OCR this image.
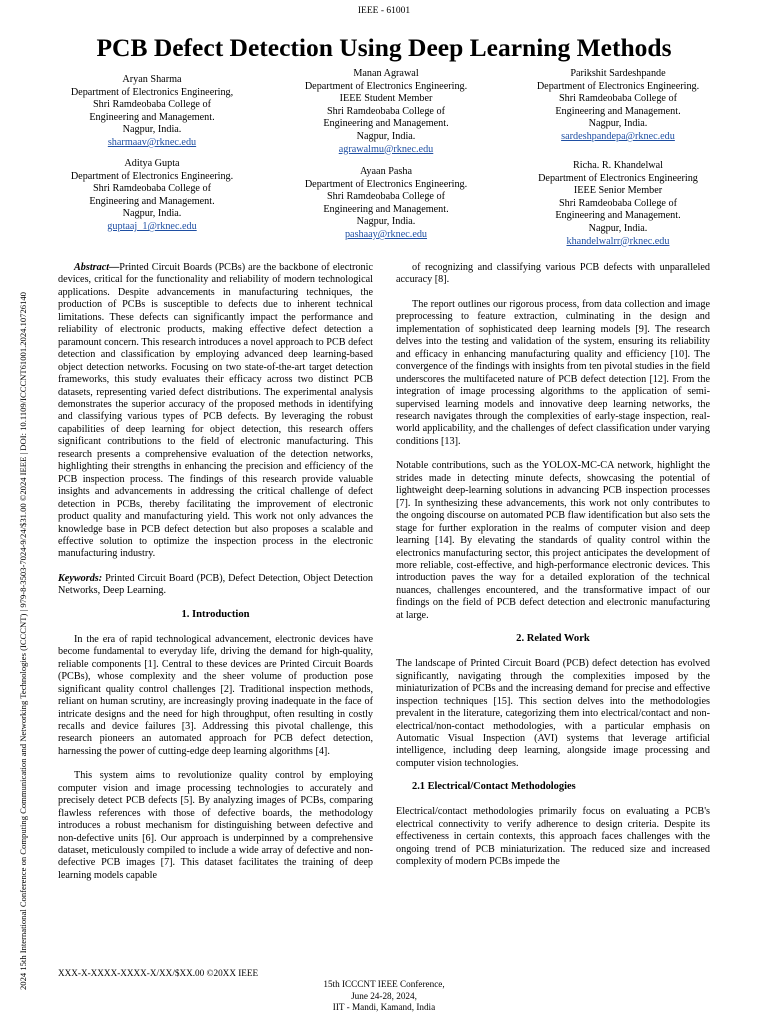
IEEE - 61001
PCB Defect Detection Using Deep Learning Methods
2024 15th International Conference on Computing Communication and Networking Technologies (ICCCNT) | 979-8-3503-7024-9/24/$31.00 ©2024 IEEE | DOI: 10.1109/ICCCNT61001.2024.10726140
Aryan Sharma
Department of Electronics Engineering,
Shri Ramdeobaba College of
Engineering and Management.
Nagpur, India.
sharmaav@rknec.edu
Manan Agrawal
Department of Electronics Engineering.
IEEE Student Member
Shri Ramdeobaba College of
Engineering and Management.
Nagpur, India.
agrawalmu@rknec.edu
Parikshit Sardeshpande
Department of Electronics Engineering.
Shri Ramdeobaba College of
Engineering and Management.
Nagpur, India.
sardeshpandepa@rknec.edu
Aditya Gupta
Department of Electronics Engineering.
Shri Ramdeobaba College of
Engineering and Management.
Nagpur, India.
guptaaj_1@rknec.edu
Ayaan Pasha
Department of Electronics Engineering.
Shri Ramdeobaba College of
Engineering and Management.
Nagpur, India.
pashaay@rknec.edu
Richa. R. Khandelwal
Department of Electronics Engineering
IEEE Senior Member
Shri Ramdeobaba College of
Engineering and Management.
Nagpur, India.
khandelwalrr@rknec.edu

Abstract—Printed Circuit Boards (PCBs) are the backbone of electronic devices, critical for the functionality and reliability of modern technological applications. Despite advancements in manufacturing techniques, the production of PCBs is susceptible to defects due to inherent technical limitations. These defects can significantly impact the performance and reliability of electronic products, making effective defect detection a paramount concern. This research introduces a novel approach to PCB defect detection and classification by employing advanced deep learning-based object detection networks. Focusing on two state-of-the-art target detection frameworks, this study evaluates their efficacy across two distinct PCB datasets, representing varied defect distributions. The experimental analysis demonstrates the superior accuracy of the proposed methods in identifying and classifying various types of PCB defects. By leveraging the robust capabilities of deep learning for object detection, this research offers significant contributions to the field of electronic manufacturing. This research presents a comprehensive evaluation of the detection networks, highlighting their strengths in enhancing the precision and efficiency of the PCB inspection process. The findings of this research provide valuable insights and advancements in addressing the critical challenge of defect detection in PCBs, thereby facilitating the improvement of electronic product quality and manufacturing yield. This work not only advances the knowledge base in PCB defect detection but also proposes a scalable and effective solution to optimize the inspection process in the electronic manufacturing industry.

Keywords: Printed Circuit Board (PCB), Defect Detection, Object Detection Networks, Deep Learning.

1. Introduction

In the era of rapid technological advancement, electronic devices have become fundamental to everyday life, driving the demand for high-quality, reliable components [1]. Central to these devices are Printed Circuit Boards (PCBs), whose complexity and the sheer volume of production pose significant quality control challenges [2]. Traditional inspection methods, reliant on human scrutiny, are increasingly proving inadequate in the face of intricate designs and the need for high throughput, often resulting in costly recalls and device failures [3]. Addressing this pivotal challenge, this research pioneers an automated approach for PCB defect detection, harnessing the power of cutting-edge deep learning algorithms [4].

This system aims to revolutionize quality control by employing computer vision and image processing technologies to accurately and precisely detect PCB defects [5]. By analyzing images of PCBs, comparing flawless references with those of defective boards, the methodology introduces a robust mechanism for distinguishing between defective and non-defective units [6]. Our approach is underpinned by a comprehensive dataset, meticulously compiled to include a wide array of defective and non-defective PCB images [7]. This dataset facilitates the training of deep learning models capable

of recognizing and classifying various PCB defects with unparalleled accuracy [8].

The report outlines our rigorous process, from data collection and image preprocessing to feature extraction, culminating in the design and implementation of sophisticated deep learning models [9]. The research delves into the testing and validation of the system, ensuring its reliability and efficacy in enhancing manufacturing quality and efficiency [10]. The convergence of the findings with insights from ten pivotal studies in the field underscores the multifaceted nature of PCB defect detection [12]. From the integration of image processing algorithms to the application of semi-supervised learning models and innovative deep learning networks, the research navigates through the complexities of early-stage inspection, real-world applicability, and the challenges of defect classification under varying conditions [13].

Notable contributions, such as the YOLOX-MC-CA network, highlight the strides made in detecting minute defects, showcasing the potential of lightweight deep-learning solutions in advancing PCB inspection processes [7]. In synthesizing these advancements, this work not only contributes to the ongoing discourse on automated PCB flaw identification but also sets the stage for further exploration in the realms of computer vision and deep learning [14]. By elevating the standards of quality control within the electronics manufacturing sector, this project anticipates the development of more reliable, cost-effective, and high-performance electronic devices. This introduction paves the way for a detailed exploration of the technical nuances, challenges encountered, and the transformative impact of our findings on the field of PCB defect detection and electronic manufacturing at large.

2. Related Work

The landscape of Printed Circuit Board (PCB) defect detection has evolved significantly, navigating through the complexities imposed by the miniaturization of PCBs and the increasing demand for precise and effective inspection techniques [15]. This section delves into the methodologies prevalent in the literature, categorizing them into electrical/contact and non-electrical/non-contact methodologies, with a particular emphasis on Automatic Visual Inspection (AVI) systems that leverage artificial intelligence, including deep learning, alongside image processing and computer vision technologies.

2.1 Electrical/Contact Methodologies

Electrical/contact methodologies primarily focus on evaluating a PCB's electrical connectivity to verify adherence to design criteria. Despite its effectiveness in certain contexts, this approach faces challenges with the ongoing trend of PCB miniaturization. The reduced size and increased complexity of modern PCBs impede the

XXX-X-XXXX-XXXX-X/XX/$XX.00 ©20XX IEEE
15th ICCCNT IEEE Conference,
June 24-28, 2024,
IIT - Mandi, Kamand, India
